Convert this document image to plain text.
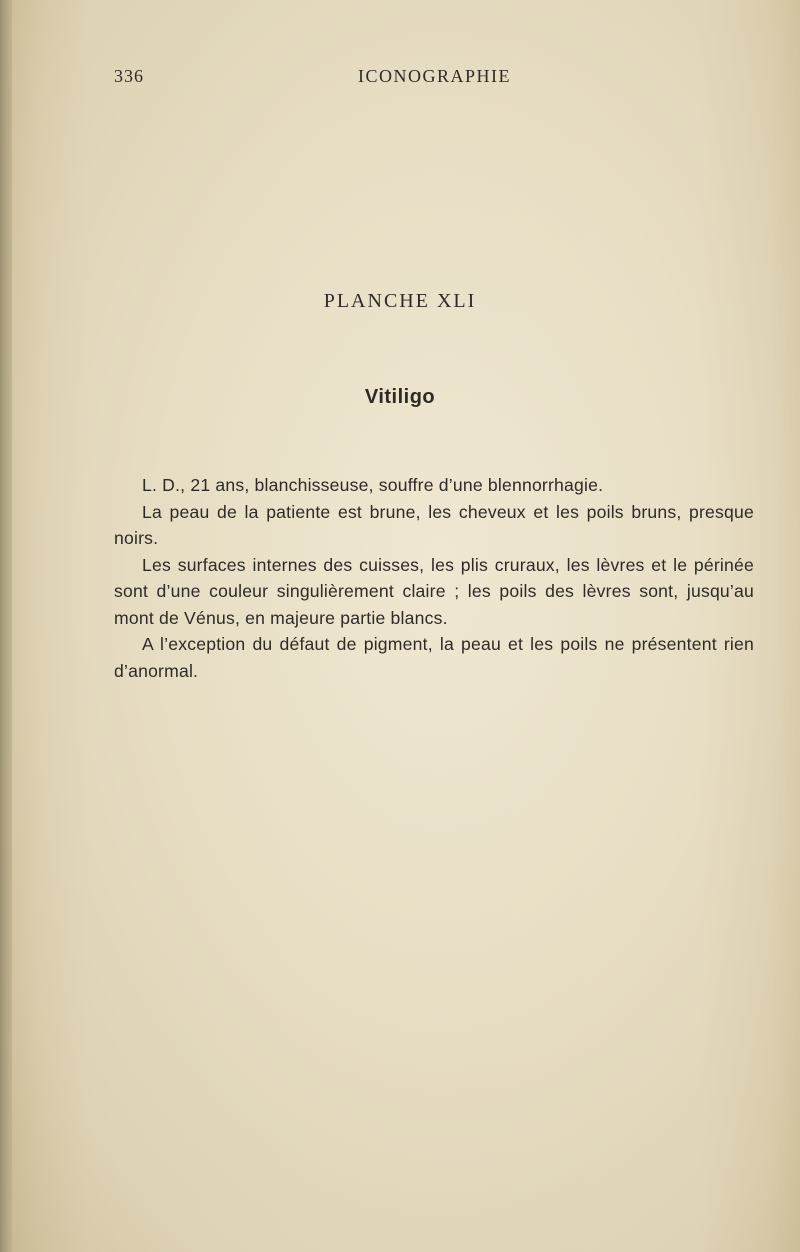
336	ICONOGRAPHIE
PLANCHE XLI
Vitiligo

L. D., 21 ans, blanchisseuse, souffre d’une blennorrhagie.

La peau de la patiente est brune, les cheveux et les poils bruns, presque noirs.

Les surfaces internes des cuisses, les plis cruraux, les lèvres et le périnée sont d’une couleur singulièrement claire ; les poils des lèvres sont, jusqu’au mont de Vénus, en majeure partie blancs.

A l’exception du défaut de pigment, la peau et les poils ne présentent rien d’anormal.
